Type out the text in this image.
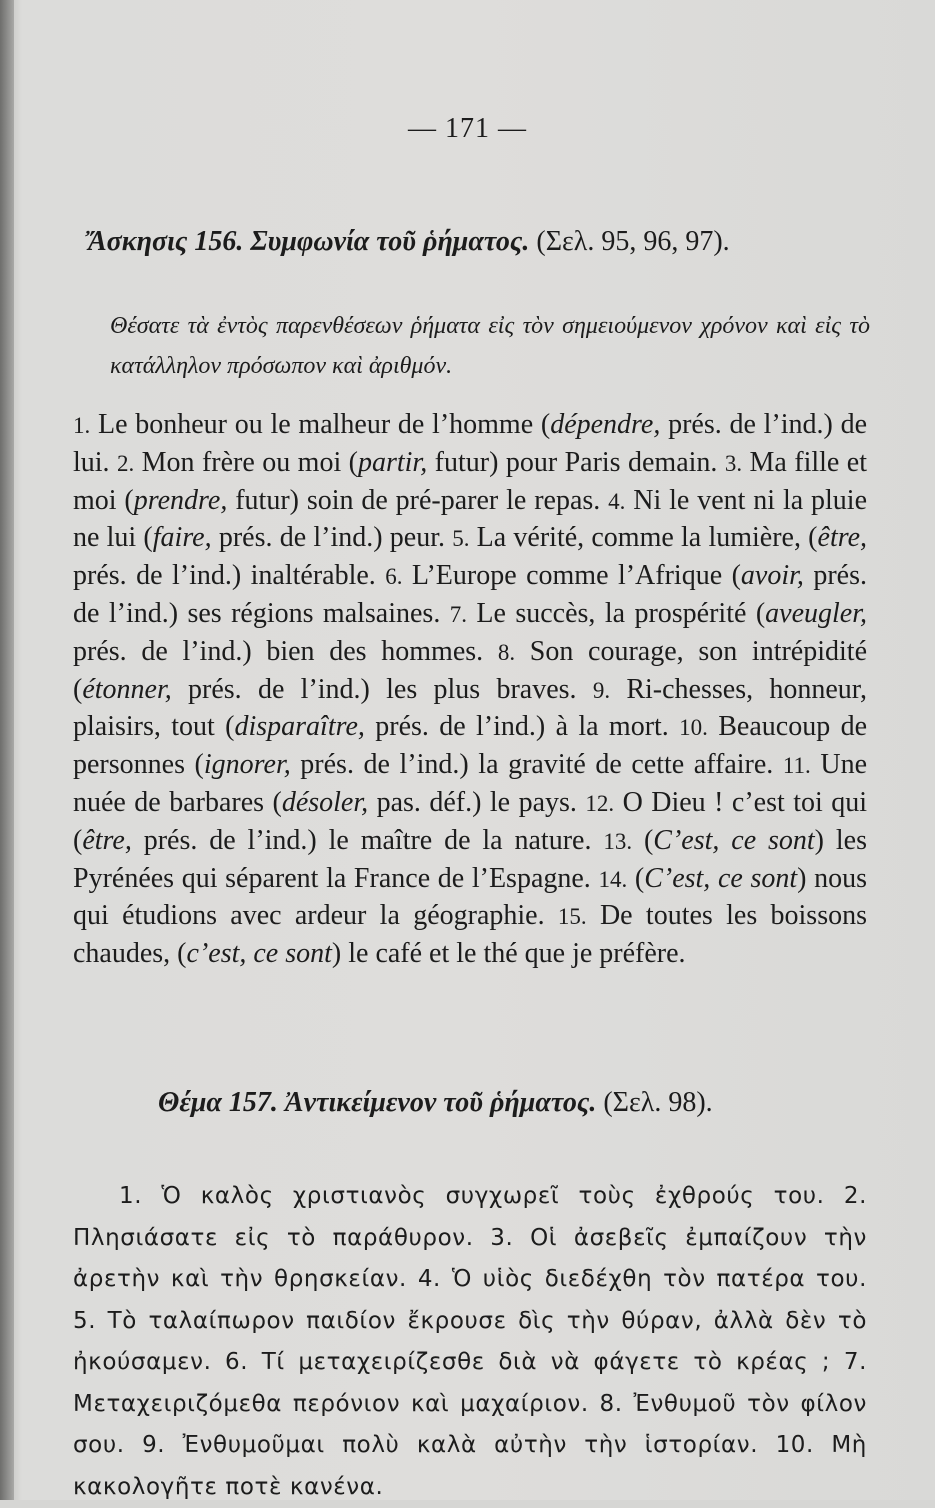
— 171 —
Ἄσκησις 156. Συμφωνία τοῦ ῥήματος. (Σελ. 95, 96, 97).
Θέσατε τὰ ἐντὸς παρενθέσεων ῥήματα εἰς τὸν σημειούμενον χρόνον καὶ εἰς τὸ κατάλληλον πρόσωπον καὶ ἀριθμόν.
1. Le bonheur ou le malheur de l’homme (dépendre, prés. de l’ind.) de lui. 2. Mon frère ou moi (partir, futur) pour Paris demain. 3. Ma fille et moi (prendre, futur) soin de pré-parer le repas. 4. Ni le vent ni la pluie ne lui (faire, prés. de l’ind.) peur. 5. La vérité, comme la lumière, (être, prés. de l’ind.) inaltérable. 6. L’Europe comme l’Afrique (avoir, prés. de l’ind.) ses régions malsaines. 7. Le succès, la prospérité (aveugler, prés. de l’ind.) bien des hommes. 8. Son courage, son intrépidité (étonner, prés. de l’ind.) les plus braves. 9. Ri-chesses, honneur, plaisirs, tout (disparaître, prés. de l’ind.) à la mort. 10. Beaucoup de personnes (ignorer, prés. de l’ind.) la gravité de cette affaire. 11. Une nuée de barbares (désoler, pas. déf.) le pays. 12. O Dieu ! c’est toi qui (être, prés. de l’ind.) le maître de la nature. 13. (C’est, ce sont) les Pyrénées qui séparent la France de l’Espagne. 14. (C’est, ce sont) nous qui étudions avec ardeur la géographie. 15. De toutes les boissons chaudes, (c’est, ce sont) le café et le thé que je préfère.
Θέμα 157. Ἀντικείμενον τοῦ ῥήματος. (Σελ. 98).
1. Ὁ καλὸς χριστιανὸς συγχωρεῖ τοὺς ἐχθρούς του. 2. Πλησιάσατε εἰς τὸ παράθυρον. 3. Οἱ ἀσεβεῖς ἐμπαίζουν τὴν ἀρετὴν καὶ τὴν θρησκείαν. 4. Ὁ υἱὸς διεδέχθη τὸν πατέρα του. 5. Τὸ ταλαίπωρον παιδίον ἔκρουσε δὶς τὴν θύραν, ἀλλὰ δὲν τὸ ἠκούσαμεν. 6. Τί μεταχειρίζεσθε διὰ νὰ φάγετε τὸ κρέας ; 7. Μεταχειριζόμεθα περόνιον καὶ μαχαίριον. 8. Ἐνθυμοῦ τὸν φίλον σου. 9. Ἐνθυμοῦμαι πολὺ καλὰ αὐτὴν τὴν ἱστορίαν. 10. Μὴ κακολογῆτε ποτὲ κανένα.
